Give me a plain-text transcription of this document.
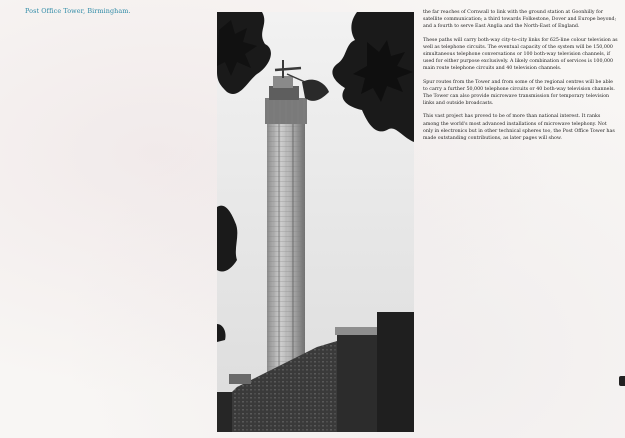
Post Office Tower, Birmingham.	the far reaches of Cornwall to link with the ground station at Goonhilly for satellite communication; a third towards Folkestone, Dover and Europe beyond; and a fourth to serve East Anglia and the North-East of England.

These paths will carry both-way city-to-city links for 625-line colour television as well as telephone circuits. The eventual capacity of the system will be 150,000 simultaneous telephone conversations or 100 both-way television channels, if used for either purpose exclusively. A likely combination of services is 100,000 main route telephone circuits and 40 television channels.

Spur routes from the Tower and from some of the regional centres will be able to carry a further 50,000 telephone circuits or 40 both-way television channels. The Tower can also provide microwave transmission for temporary television links and outside broadcasts.

This vast project has proved to be of more than national interest. It ranks among the world's most advanced installations of microwave telephony. Not only in electronics but in other technical spheres too, the Post Office Tower has made outstanding contributions, as later pages will show.
